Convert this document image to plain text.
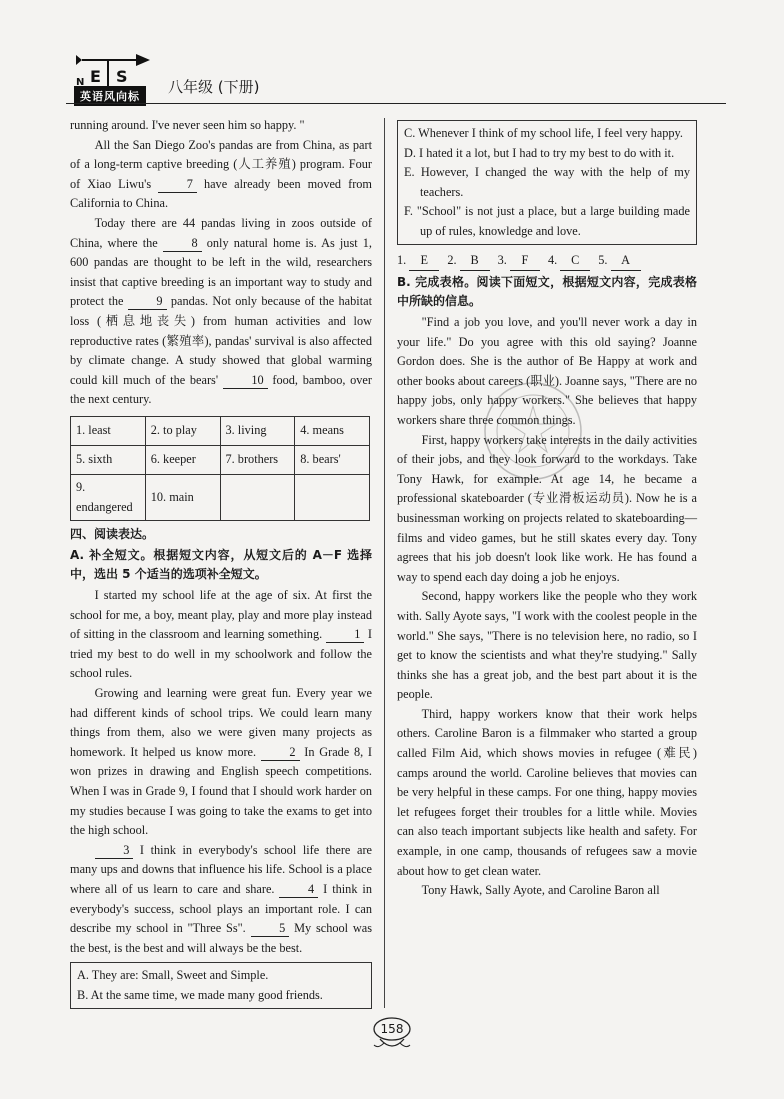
E S
N
英语风向标
八年级 (下册)

running around. I've never seen him so happy. "

All the San Diego Zoo's pandas are from China, as part of a long-term captive breeding (人工养殖) program. Four of Xiao Liwu's 7 have already been moved from California to China.

Today there are 44 pandas living in zoos outside of China, where the 8 only natural home is. As just 1, 600 pandas are thought to be left in the wild, researchers insist that captive breeding is an important way to study and protect the 9 pandas. Not only because of the habitat loss (栖息地丧失) from human activities and low reproductive rates (繁殖率), pandas' survival is also affected by climate change. A study showed that global warming could kill much of the bears' 10 food, bamboo, over the next century.

1. least	2. to play	3. living	4. means
5. sixth	6. keeper	7. brothers	8. bears'
9. endangered	10. main		
四、阅读表达。
A. 补全短文。根据短文内容，从短文后的 A－F 选择中，选出 5 个适当的选项补全短文。

I started my school life at the age of six. At first the school for me, a boy, meant play, play and more play instead of sitting in the classroom and learning something. 1 I tried my best to do well in my schoolwork and follow the school rules.

Growing and learning were great fun. Every year we had different kinds of school trips. We could learn many things from them, also we were given many projects as homework. It helped us know more. 2 In Grade 8, I won prizes in drawing and English speech competitions. When I was in Grade 9, I found that I should work harder on my studies because I was going to take the exams to get into the high school.

3 I think in everybody's school life there are many ups and downs that influence his life. School is a place where all of us learn to care and share. 4 I think in everybody's success, school plays an important role. I can describe my school in "Three Ss". 5 My school was the best, is the best and will always be the best.

A. They are: Small, Sweet and Simple.
B. At the same time, we made many good friends.
C. Whenever I think of my school life, I feel very happy.
D. I hated it a lot, but I had to try my best to do with it.
E. However, I changed the way with the help of my teachers.
F. "School" is not just a place, but a large building made up of rules, knowledge and love.
1. E	2. B	3. F	4. C	5. A
B. 完成表格。阅读下面短文，根据短文内容，完成表格中所缺的信息。

"Find a job you love, and you'll never work a day in your life." Do you agree with this old saying? Joanne Gordon does. She is the author of Be Happy at work and other books about careers (职业). Joanne says, "There are no happy jobs, only happy workers." She believes that happy workers share three common things.

First, happy workers take interests in the daily activities of their jobs, and they look forward to the workdays. Take Tony Hawk, for example. At age 14, he became a professional skateboarder (专业滑板运动员). Now he is a businessman working on projects related to skateboarding—films and video games, but he still skates every day. Tony agrees that his job doesn't look like work. He has found a way to spend each day doing a job he enjoys.

Second, happy workers like the people who they work with. Sally Ayote says, "I work with the coolest people in the world." She says, "There is no television here, no radio, so I get to know the scientists and what they're studying." Sally thinks she has a great job, and the best part about it is the people.

Third, happy workers know that their work helps others. Caroline Baron is a filmmaker who started a group called Film Aid, which shows movies in refugee (难民) camps around the world. Caroline believes that movies can be very helpful in these camps. For one thing, happy movies let refugees forget their troubles for a little while. Movies can also teach important subjects like health and safety. For example, in one camp, thousands of refugees saw a movie about how to get clean water.

Tony Hawk, Sally Ayote, and Caroline Baron all

158
